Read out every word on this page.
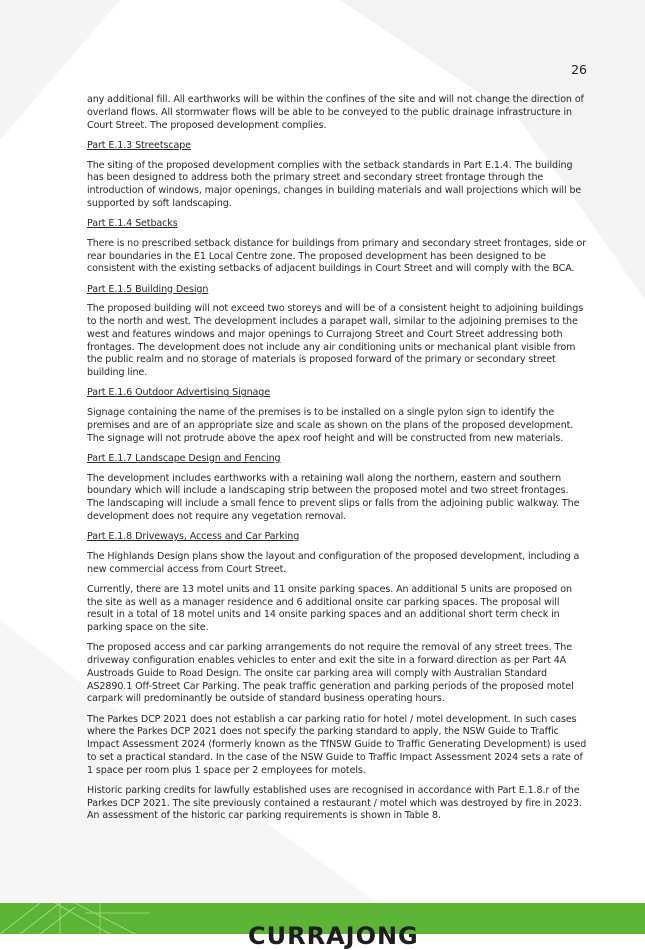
26

any additional fill. All earthworks will be within the confines of the site and will not change the direction of overland flows. All stormwater flows will be able to be conveyed to the public drainage infrastructure in Court Street. The proposed development complies.

Part E.1.3 Streetscape

The siting of the proposed development complies with the setback standards in Part E.1.4. The building has been designed to address both the primary street and secondary street frontage through the introduction of windows, major openings, changes in building materials and wall projections which will be supported by soft landscaping.

Part E.1.4 Setbacks

There is no prescribed setback distance for buildings from primary and secondary street frontages, side or rear boundaries in the E1 Local Centre zone. The proposed development has been designed to be consistent with the existing setbacks of adjacent buildings in Court Street and will comply with the BCA.

Part E.1.5 Building Design

The proposed building will not exceed two storeys and will be of a consistent height to adjoining buildings to the north and west. The development includes a parapet wall, similar to the adjoining premises to the west and features windows and major openings to Currajong Street and Court Street addressing both frontages. The development does not include any air conditioning units or mechanical plant visible from the public realm and no storage of materials is proposed forward of the primary or secondary street building line.

Part E.1.6 Outdoor Advertising Signage

Signage containing the name of the premises is to be installed on a single pylon sign to identify the premises and are of an appropriate size and scale as shown on the plans of the proposed development. The signage will not protrude above the apex roof height and will be constructed from new materials.

Part E.1.7 Landscape Design and Fencing

The development includes earthworks with a retaining wall along the northern, eastern and southern boundary which will include a landscaping strip between the proposed motel and two street frontages. The landscaping will include a small fence to prevent slips or falls from the adjoining public walkway. The development does not require any vegetation removal.

Part E.1.8 Driveways, Access and Car Parking

The Highlands Design plans show the layout and configuration of the proposed development, including a new commercial access from Court Street.

Currently, there are 13 motel units and 11 onsite parking spaces. An additional 5 units are proposed on the site as well as a manager residence and 6 additional onsite car parking spaces. The proposal will result in a total of 18 motel units and 14 onsite parking spaces and an additional short term check in parking space on the site.

The proposed access and car parking arrangements do not require the removal of any street trees. The driveway configuration enables vehicles to enter and exit the site in a forward direction as per Part 4A Austroads Guide to Road Design. The onsite car parking area will comply with Australian Standard AS2890.1 Off-Street Car Parking. The peak traffic generation and parking periods of the proposed motel carpark will predominantly be outside of standard business operating hours.

The Parkes DCP 2021 does not establish a car parking ratio for hotel / motel development. In such cases where the Parkes DCP 2021 does not specify the parking standard to apply, the NSW Guide to Traffic Impact Assessment 2024 (formerly known as the TfNSW Guide to Traffic Generating Development) is used to set a practical standard. In the case of the NSW Guide to Traffic Impact Assessment 2024 sets a rate of 1 space per room plus 1 space per 2 employees for motels.

Historic parking credits for lawfully established uses are recognised in accordance with Part E.1.8.r of the Parkes DCP 2021. The site previously contained a restaurant / motel which was destroyed by fire in 2023. An assessment of the historic car parking requirements is shown in Table 8.

CURRAJONG
